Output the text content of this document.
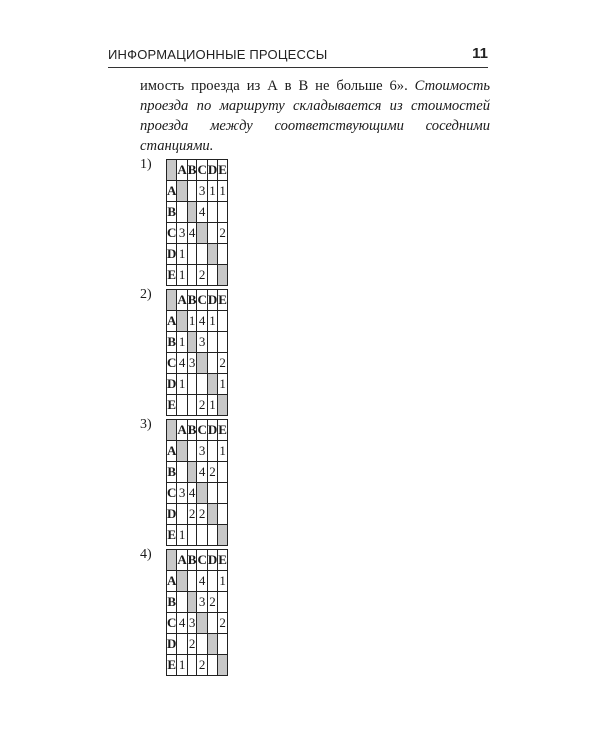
ИНФОРМАЦИОННЫЕ ПРОЦЕССЫ	11
имость проезда из А в В не больше 6». Стоимость проезда по маршруту складывается из стоимостей проезда между соответствующими соседними станциями.
1)
	A	B	C	D	E
A			3	1	1
B			4		
C	3	4			2
D	1				
E	1		2		
2)
	A	B	C	D	E
A		1	4	1	
B	1		3		
C	4	3			2
D	1				1
E			2	1	
3)
	A	B	C	D	E
A			3		1
B			4	2	
C	3	4			
D		2	2		
E	1				
4)
	A	B	C	D	E
A			4		1
B			3	2	
C	4	3			2
D		2			
E	1		2		
